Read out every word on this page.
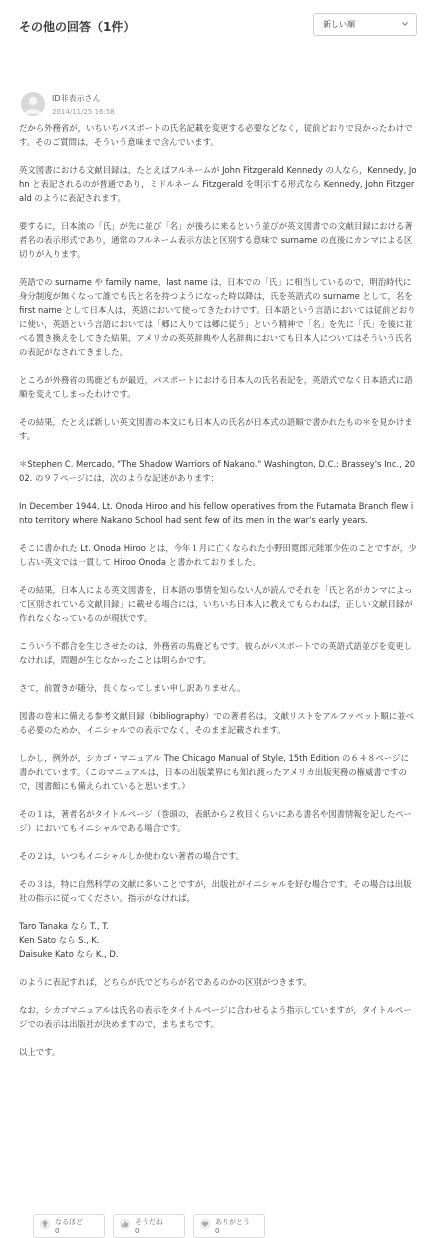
その他の回答（1件）	新しい順
ID非表示さん
2014/11/25 16:58

だから外務省が，いちいちパスポートの氏名記載を変更する必要などなく，従前どおりで良かったわけです。そのご質問は，そういう意味まで含んでいます。

英文図書における文献目録は，たとえばフルネームが John Fitzgerald Kennedy の人なら，Kennedy, John と表記されるのが普通であり，ミドルネーム Fitzgerald を明示する形式なら Kennedy, John Fitzgerald のように表記されます。

要するに，日本流の「氏」が先に並び「名」が後ろに来るという並びが英文図書での文献目録における著者名の表示形式であり，通常のフルネーム表示方法と区別する意味で surname の直後にカンマによる区切りが入ります。

英語での surname や family name，last name は，日本での「氏」に相当しているので，明治時代に身分制度が無くなって誰でも氏と名を持つようになった時以降は，氏を英語式の surname として，名を first name として日本人は，英語において使ってきたわけです。日本語という言語においては従前どおりに使い，英語という言語においては「郷に入りては郷に従う」という精神で「名」を先に「氏」を後に並べる置き換えをしてきた結果，アメリカの英英辞典や人名辞典においても日本人についてはそういう氏名の表記がなされてきました。

ところが外務省の馬鹿どもが最近，パスポートにおける日本人の氏名表記を，英語式でなく日本語式に語順を変えてしまったわけです。

その結果，たとえば新しい英文図書の本文にも日本人の氏名が日本式の語順で書かれたもの＊を見かけます。

＊Stephen C. Mercado, "The Shadow Warriors of Nakano." Washington, D.C.: Brassey's Inc., 2002. の９７ページには，次のような記述があります：

In December 1944, Lt. Onoda Hiroo and his fellow operatives from the Futamata Branch flew into territory where Nakano School had sent few of its men in the war's early years.

そこに書かれた Lt. Onoda Hiroo とは，今年１月に亡くなられた小野田寛郎元陸軍少佐のことですが，少し古い英文では一貫して Hiroo Onoda と書かれておりました。

その結果，日本人による英文図書を，日本語の事情を知らない人が読んでそれを「氏と名がカンマによって区別されている文献目録」に載せる場合には，いちいち日本人に教えてもらわねば，正しい文献目録が作れなくなっているのが現状です。

こういう不都合を生じさせたのは，外務省の馬鹿どもです。彼らがパスポートでの英語式語並びを変更しなければ，問題が生じなかったことは明らかです。

さて，前置きが随分，長くなってしまい申し訳ありません。

図書の巻末に備える参考文献目録（bibliography）での著者名は，文献リストをアルファベット順に並べる必要のためか，イニシャルでの表示でなく，そのまま記載されます。

しかし，例外が，シカゴ・マニュアル The Chicago Manual of Style, 15th Edition の６４８ページに書かれています。（このマニュアルは，日本の出版業界にも知れ渡ったアメリカ出版実務の権威書ですので，図書館にも備えられていると思います。）

その１は，著者名がタイトルページ（巻頭の，表紙から２枚目くらいにある書名や図書情報を記したページ）においてもイニシャルである場合です。

その２は，いつもイニシャルしか使わない著者の場合です。

その３は，特に自然科学の文献に多いことですが，出版社がイニシャルを好む場合です。その場合は出版社の指示に従ってください。指示がなければ，

Taro Tanaka なら T., T.
Ken Sato なら S., K.
Daisuke Kato なら K., D.

のように表記すれば，どちらが氏でどちらが名であるのかの区別がつきます。

なお，シカゴマニュアルは氏名の表示をタイトルページに合わせるよう指示していますが，タイトルページでの表示は出版社が決めますので，まちまちです。

以上です。

なるほど
0
そうだね
0
ありがとう
0
